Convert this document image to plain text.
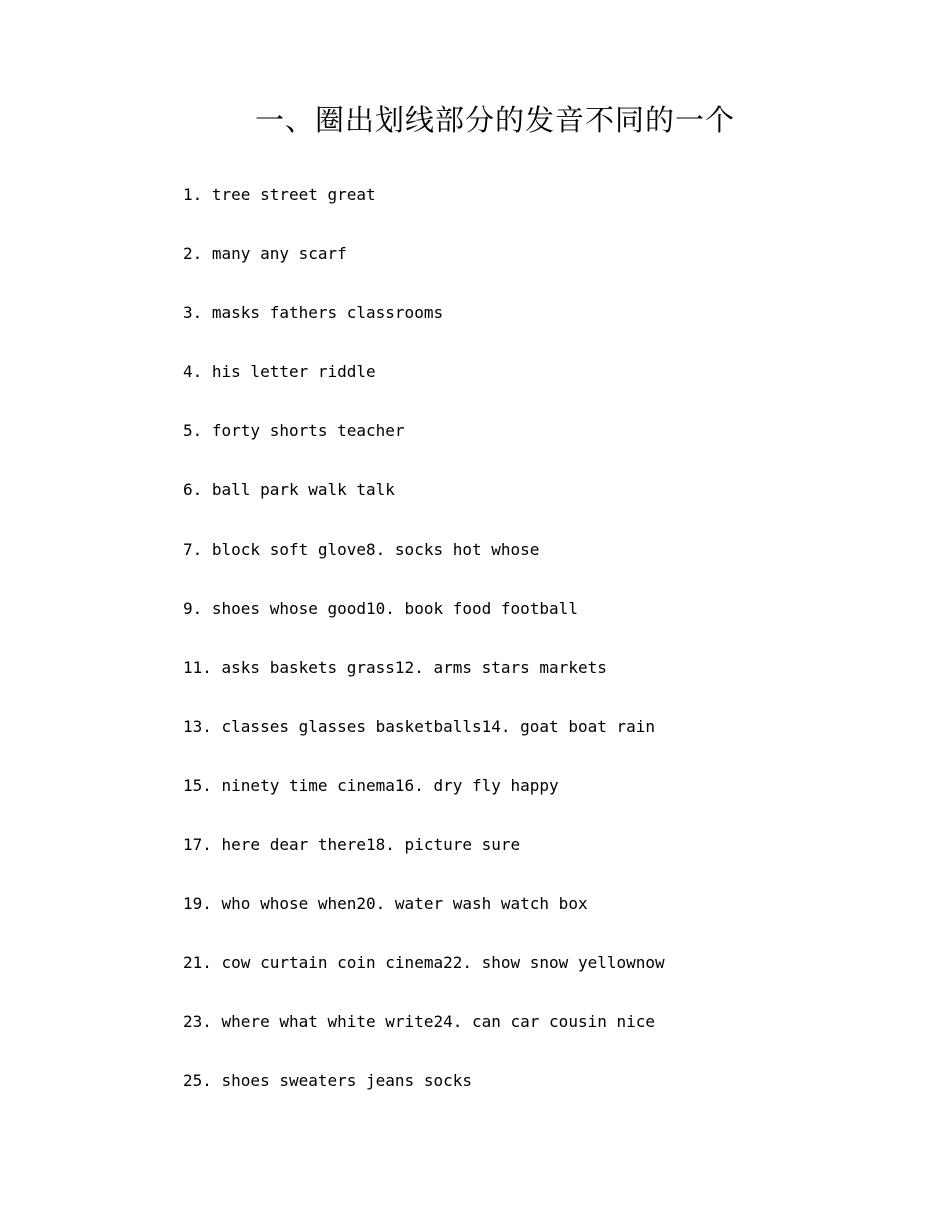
一、圈出划线部分的发音不同的一个
1. tree street great
2. many any scarf
3. masks fathers classrooms
4. his letter riddle
5. forty shorts teacher
6. ball park walk talk
7. block soft glove8. socks hot whose
9. shoes whose good10. book food football
11. asks baskets grass12. arms stars markets
13. classes glasses basketballs14. goat boat rain
15. ninety time cinema16. dry fly happy
17. here dear there18. picture sure
19. who whose when20. water wash watch box
21. cow curtain coin cinema22. show snow yellownow
23. where what white write24. can car cousin nice
25. shoes sweaters jeans socks
